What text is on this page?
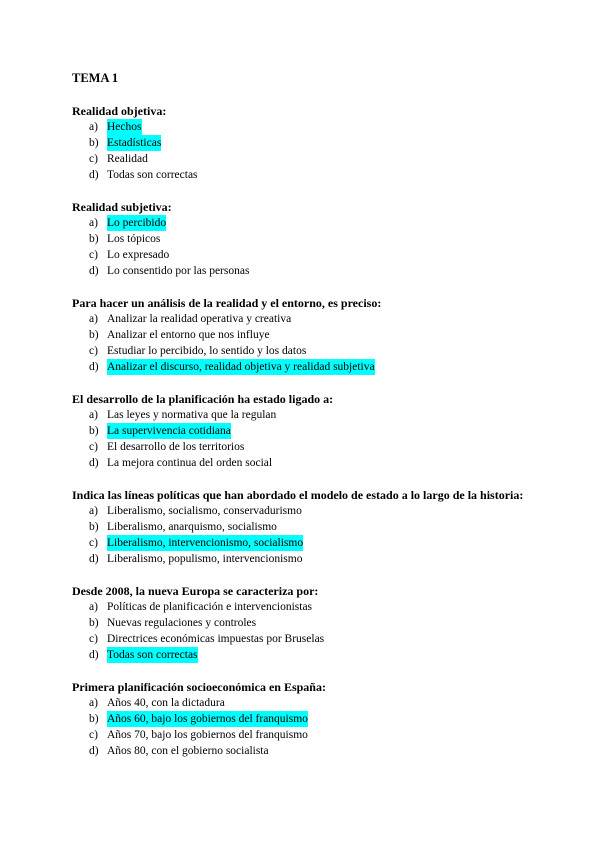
TEMA 1
Realidad objetiva:
a) Hechos
b) Estadísticas
c) Realidad
d) Todas son correctas
Realidad subjetiva:
a) Lo percibido
b) Los tópicos
c) Lo expresado
d) Lo consentido por las personas
Para hacer un análisis de la realidad y el entorno, es preciso:
a) Analizar la realidad operativa y creativa
b) Analizar el entorno que nos influye
c) Estudiar lo percibido, lo sentido y los datos
d) Analizar el discurso, realidad objetiva y realidad subjetiva
El desarrollo de la planificación ha estado ligado a:
a) Las leyes y normativa que la regulan
b) La supervivencia cotidiana
c) El desarrollo de los territorios
d) La mejora continua del orden social
Indica las líneas políticas que han abordado el modelo de estado a lo largo de la historia:
a) Liberalismo, socialismo, conservadurismo
b) Liberalismo, anarquismo, socialismo
c) Liberalismo, intervencionismo, socialismo
d) Liberalismo, populismo, intervencionismo
Desde 2008, la nueva Europa se caracteriza por:
a) Políticas de planificación e intervencionistas
b) Nuevas regulaciones y controles
c) Directrices económicas impuestas por Bruselas
d) Todas son correctas
Primera planificación socioeconómica en España:
a) Años 40, con la dictadura
b) Años 60, bajo los gobiernos del franquismo
c) Años 70, bajo los gobiernos del franquismo
d) Años 80, con el gobierno socialista
